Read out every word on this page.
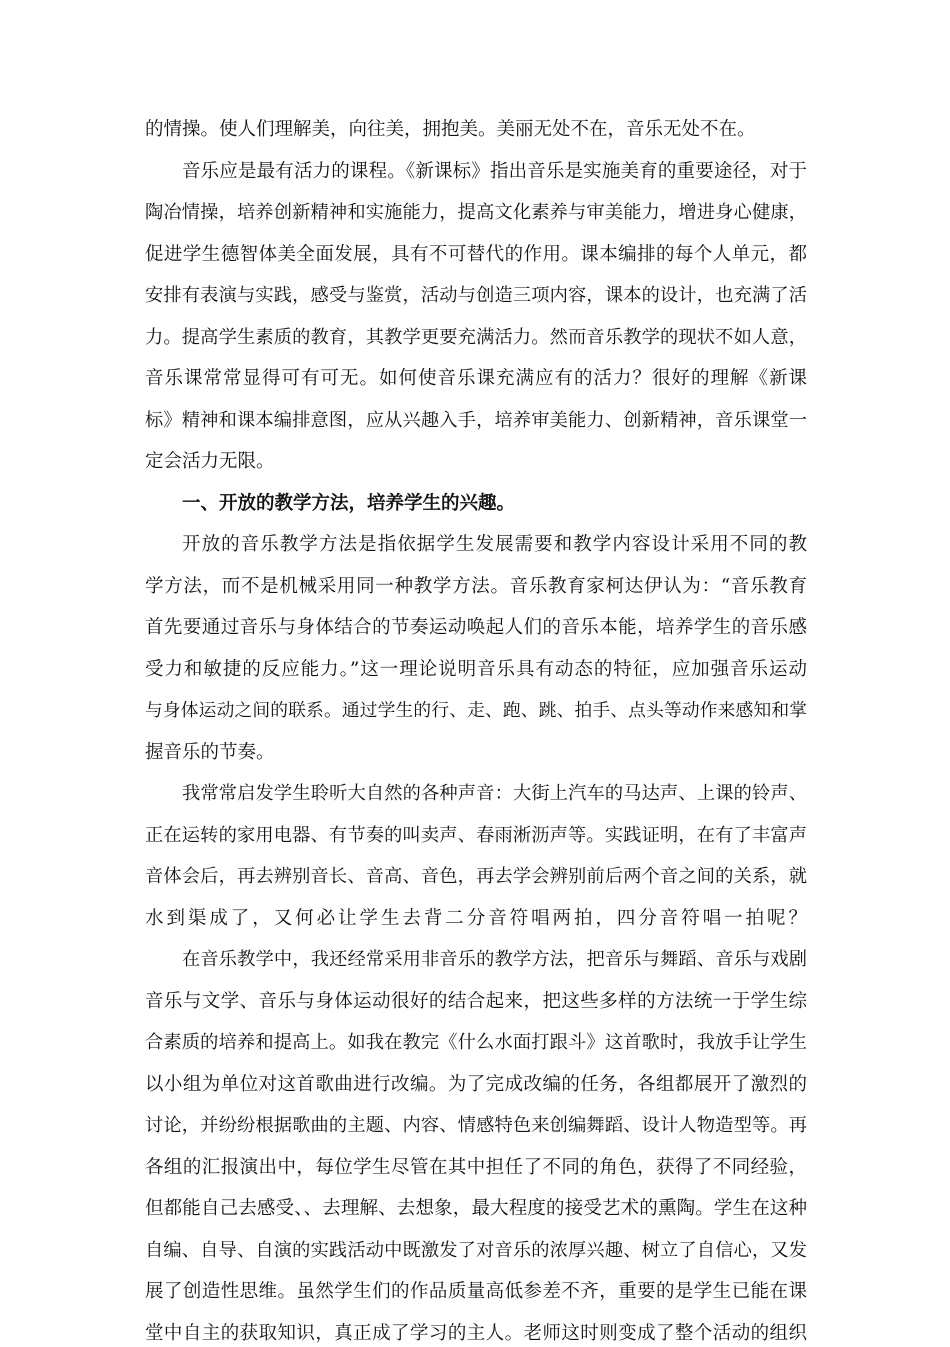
的情操。使人们理解美，向往美，拥抱美。美丽无处不在，音乐无处不在。
音乐应是最有活力的课程。《新课标》指出音乐是实施美育的重要途径，对于
陶冶情操，培养创新精神和实施能力，提高文化素养与审美能力，增进身心健康，
促进学生德智体美全面发展，具有不可替代的作用。课本编排的每个人单元，都
安排有表演与实践，感受与鉴赏，活动与创造三项内容，课本的设计，也充满了活
力。提高学生素质的教育，其教学更要充满活力。然而音乐教学的现状不如人意，
音乐课常常显得可有可无。如何使音乐课充满应有的活力？很好的理解《新课
标》精神和课本编排意图，应从兴趣入手，培养审美能力、创新精神，音乐课堂一
定会活力无限。
一、开放的教学方法，培养学生的兴趣。
开放的音乐教学方法是指依据学生发展需要和教学内容设计采用不同的教
学方法，而不是机械采用同一种教学方法。音乐教育家柯达伊认为：“音乐教育
首先要通过音乐与身体结合的节奏运动唤起人们的音乐本能，培养学生的音乐感
受力和敏捷的反应能力。”这一理论说明音乐具有动态的特征，应加强音乐运动
与身体运动之间的联系。通过学生的行、走、跑、跳、拍手、点头等动作来感知和掌
握音乐的节奏。
我常常启发学生聆听大自然的各种声音：大街上汽车的马达声、上课的铃声、
正在运转的家用电器、有节奏的叫卖声、春雨淅沥声等。实践证明，在有了丰富声
音体会后，再去辨别音长、音高、音色，再去学会辨别前后两个音之间的关系，就
水到渠成了，又何必让学生去背二分音符唱两拍，四分音符唱一拍呢？
在音乐教学中，我还经常采用非音乐的教学方法，把音乐与舞蹈、音乐与戏剧
音乐与文学、音乐与身体运动很好的结合起来，把这些多样的方法统一于学生综
合素质的培养和提高上。如我在教完《什么水面打跟斗》这首歌时，我放手让学生
以小组为单位对这首歌曲进行改编。为了完成改编的任务，各组都展开了激烈的
讨论，并纷纷根据歌曲的主题、内容、情感特色来创编舞蹈、设计人物造型等。再
各组的汇报演出中，每位学生尽管在其中担任了不同的角色，获得了不同经验，
但都能自己去感受、、去理解、去想象，最大程度的接受艺术的熏陶。学生在这种
自编、自导、自演的实践活动中既激发了对音乐的浓厚兴趣、树立了自信心，又发
展了创造性思维。虽然学生们的作品质量高低参差不齐，重要的是学生已能在课
堂中自主的获取知识，真正成了学习的主人。老师这时则变成了整个活动的组织
